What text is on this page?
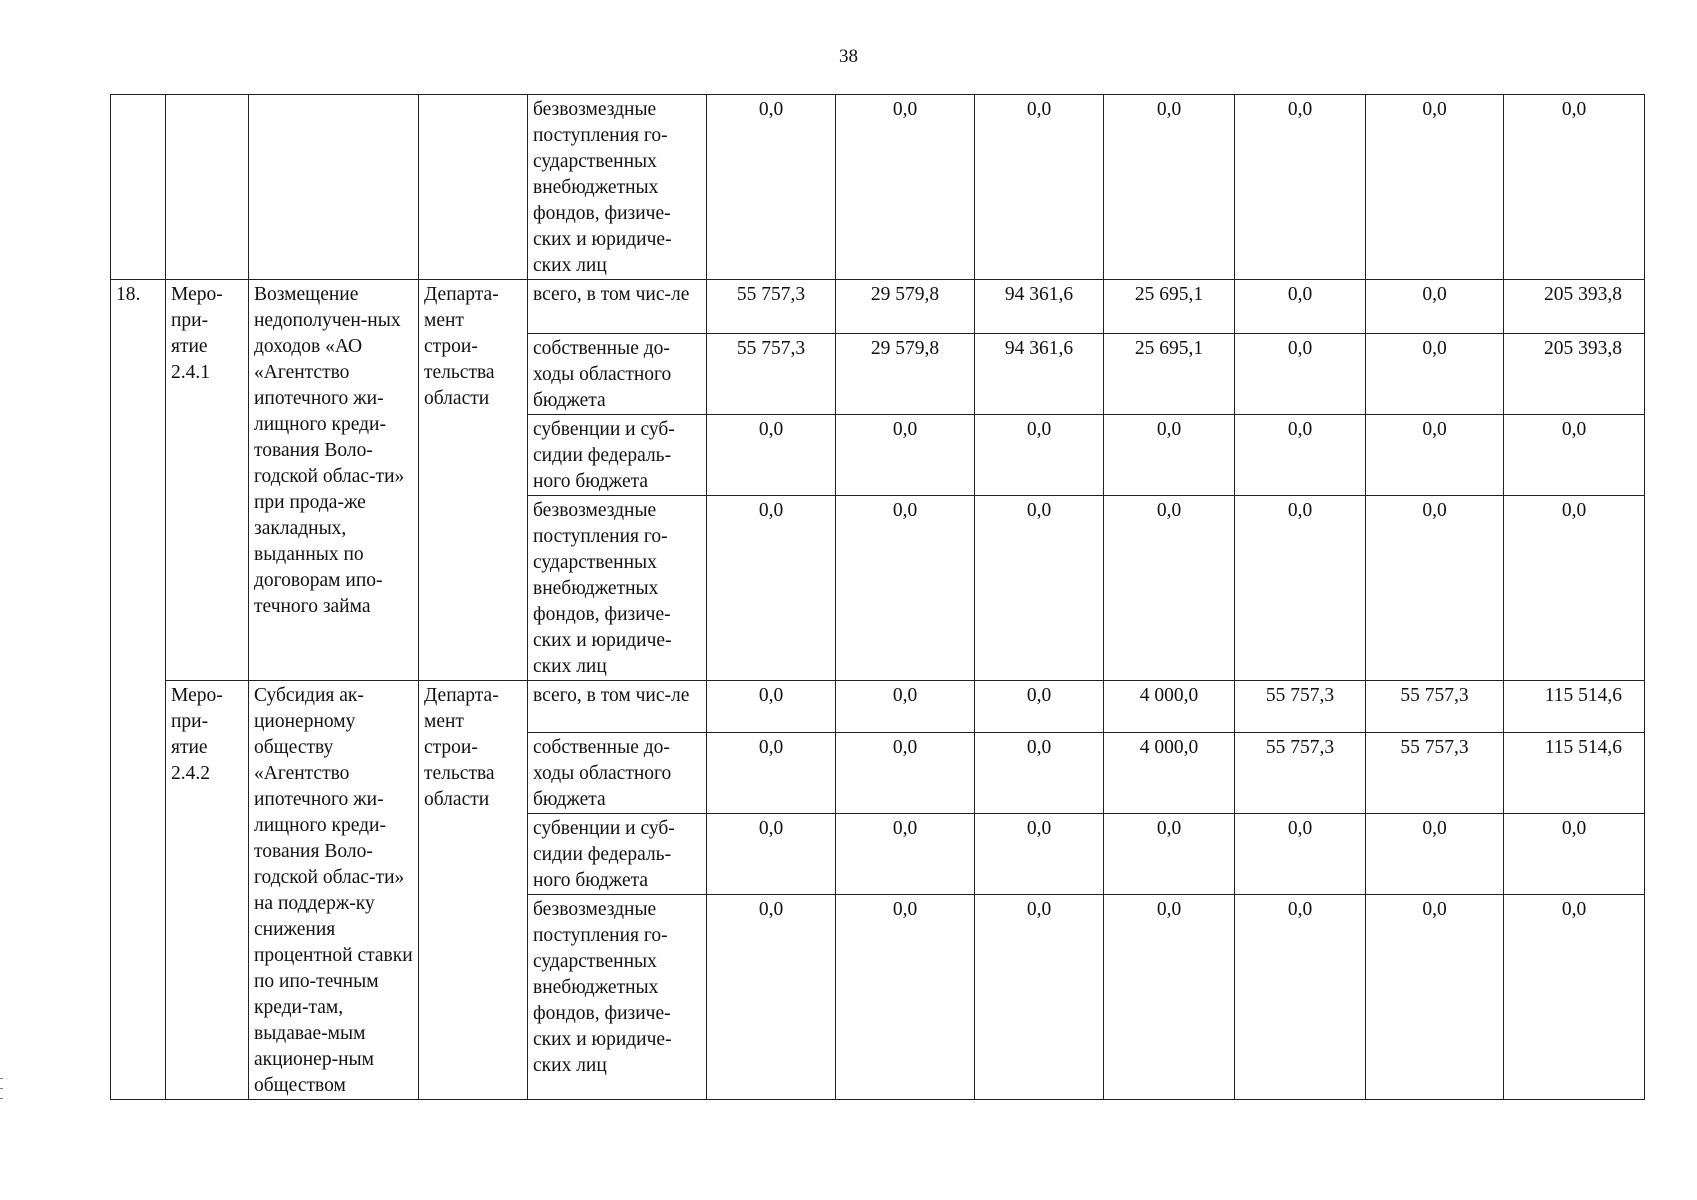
38
				безвозмездные поступления го-сударственных внебюджетных фондов, физиче-ских и юридиче-ских лиц	0,0	0,0	0,0	0,0	0,0	0,0	0,0
18.	Меро-при-ятие 2.4.1	Возмещение недополучен-ных доходов «АО «Агентство ипотечного жи-лищного креди-тования Воло-годской облас-ти» при прода-же закладных, выданных по договорам ипо-течного займа	Департа-мент строи-тельства области	всего, в том чис-ле	55 757,3	29 579,8	94 361,6	25 695,1	0,0	0,0	205 393,8
				собственные до-ходы областного бюджета	55 757,3	29 579,8	94 361,6	25 695,1	0,0	0,0	205 393,8
				субвенции и суб-сидии федераль-ного бюджета	0,0	0,0	0,0	0,0	0,0	0,0	0,0
				безвозмездные поступления го-сударственных внебюджетных фондов, физиче-ских и юридиче-ских лиц	0,0	0,0	0,0	0,0	0,0	0,0	0,0
	Меро-при-ятие 2.4.2	Субсидия ак-ционерному обществу «Агентство ипотечного жи-лищного креди-тования Воло-годской облас-ти» на поддерж-ку снижения процентной ставки по ипо-течным креди-там, выдавае-мым акционер-ным обществом	Департа-мент строи-тельства области	всего, в том чис-ле	0,0	0,0	0,0	4 000,0	55 757,3	55 757,3	115 514,6
				собственные до-ходы областного бюджета	0,0	0,0	0,0	4 000,0	55 757,3	55 757,3	115 514,6
				субвенции и суб-сидии федераль-ного бюджета	0,0	0,0	0,0	0,0	0,0	0,0	0,0
				безвозмездные поступления го-сударственных внебюджетных фондов, физиче-ских и юридиче-ских лиц	0,0	0,0	0,0	0,0	0,0	0,0	0,0
